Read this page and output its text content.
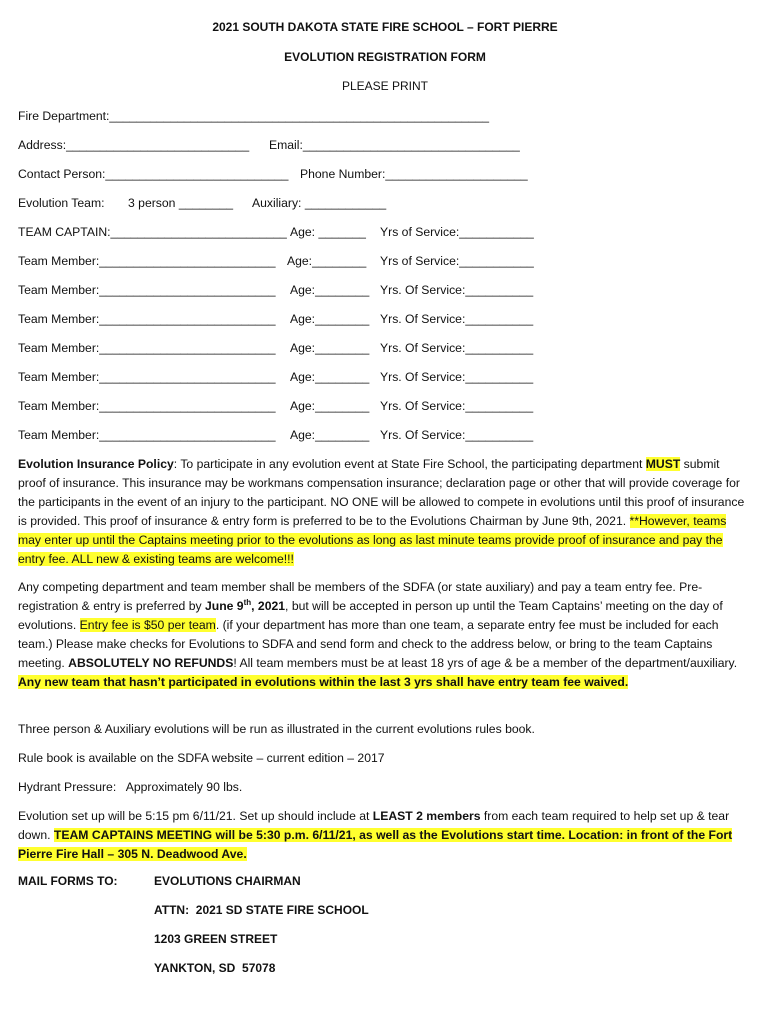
2021 SOUTH DAKOTA STATE FIRE SCHOOL – FORT PIERRE
EVOLUTION REGISTRATION FORM
PLEASE PRINT
Fire Department:________________________________________________________
Address:___________________________ Email:________________________________
Contact Person:___________________________ Phone Number:_____________________
Evolution Team: 3 person ________ Auxiliary: ____________
TEAM CAPTAIN:__________________________ Age: _______ Yrs of Service:___________
Team Member:__________________________ Age:________ Yrs of Service:___________
Team Member:__________________________ Age:________ Yrs. Of Service:__________
Team Member:__________________________ Age:________ Yrs. Of Service:__________
Team Member:__________________________ Age:________ Yrs. Of Service:__________
Team Member:__________________________ Age:________ Yrs. Of Service:__________
Team Member:__________________________ Age:________ Yrs. Of Service:__________
Team Member:__________________________ Age:________ Yrs. Of Service:__________
Evolution Insurance Policy: To participate in any evolution event at State Fire School, the participating department MUST submit proof of insurance. This insurance may be workmans compensation insurance; declaration page or other that will provide coverage for the participants in the event of an injury to the participant. NO ONE will be allowed to compete in evolutions until this proof of insurance is provided. This proof of insurance & entry form is preferred to be to the Evolutions Chairman by June 9th, 2021. **However, teams may enter up until the Captains meeting prior to the evolutions as long as last minute teams provide proof of insurance and pay the entry fee. ALL new & existing teams are welcome!!!
Any competing department and team member shall be members of the SDFA (or state auxiliary) and pay a team entry fee. Pre-registration & entry is preferred by June 9th, 2021, but will be accepted in person up until the Team Captains’ meeting on the day of evolutions. Entry fee is $50 per team. (if your department has more than one team, a separate entry fee must be included for each team.) Please make checks for Evolutions to SDFA and send form and check to the address below, or bring to the team Captains meeting. ABSOLUTELY NO REFUNDS! All team members must be at least 18 yrs of age & be a member of the department/auxiliary. Any new team that hasn’t participated in evolutions within the last 3 yrs shall have entry team fee waived.
Three person & Auxiliary evolutions will be run as illustrated in the current evolutions rules book.
Rule book is available on the SDFA website – current edition – 2017
Hydrant Pressure:   Approximately 90 lbs.
Evolution set up will be 5:15 pm 6/11/21. Set up should include at LEAST 2 members from each team required to help set up & tear down. TEAM CAPTAINS MEETING will be 5:30 p.m. 6/11/21, as well as the Evolutions start time. Location: in front of the Fort Pierre Fire Hall – 305 N. Deadwood Ave.
MAIL FORMS TO:	EVOLUTIONS CHAIRMAN
ATTN:  2021 SD STATE FIRE SCHOOL
1203 GREEN STREET
YANKTON, SD  57078
